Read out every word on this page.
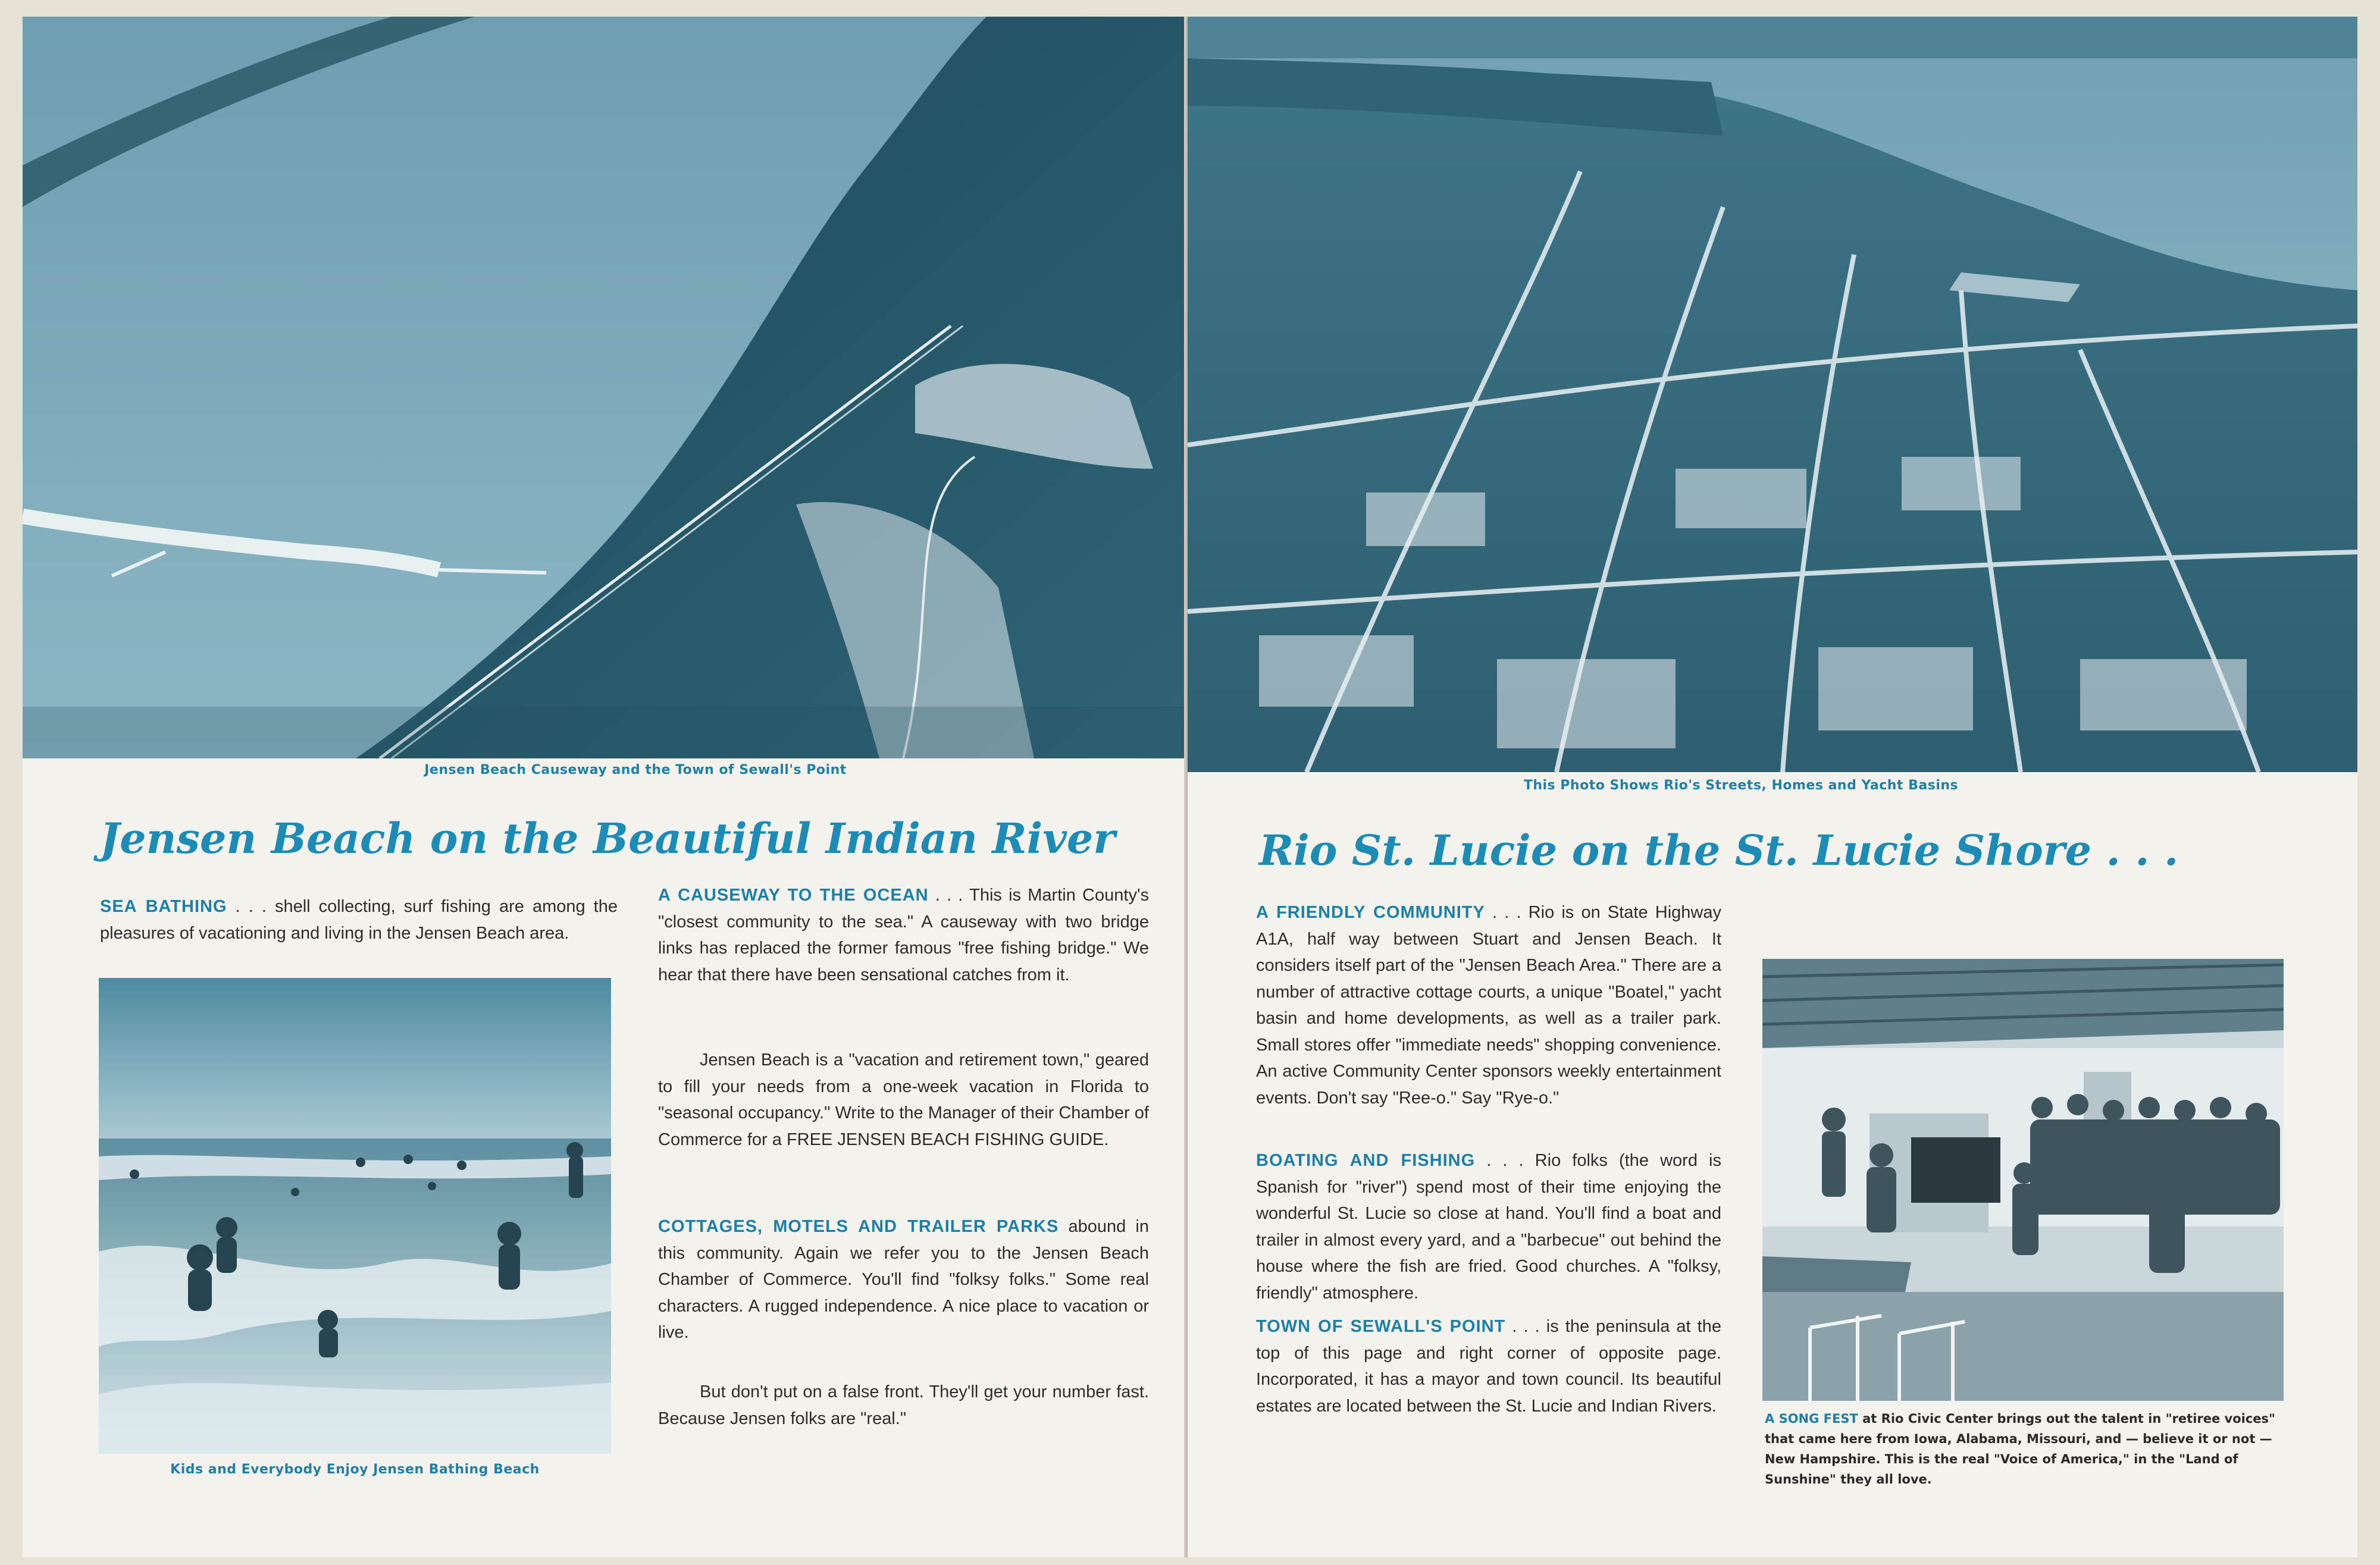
Jensen Beach Causeway and the Town of Sewall's Point
Jensen Beach on the Beautiful Indian River
SEA BATHING . . . shell collecting, surf fishing are among the pleasures of vacationing and living in the Jensen Beach area.
Kids and Everybody Enjoy Jensen Bathing Beach
A CAUSEWAY TO THE OCEAN . . . This is Martin County's "closest community to the sea." A causeway with two bridge links has replaced the former famous "free fishing bridge." We hear that there have been sensational catches from it.
Jensen Beach is a "vacation and retirement town," geared to fill your needs from a one-week vacation in Florida to "seasonal occupancy." Write to the Manager of their Chamber of Commerce for a FREE JENSEN BEACH FISHING GUIDE.
COTTAGES, MOTELS AND TRAILER PARKS abound in this community. Again we refer you to the Jensen Beach Chamber of Commerce. You'll find "folksy folks." Some real characters. A rugged independence. A nice place to vacation or live.
But don't put on a false front. They'll get your number fast. Because Jensen folks are "real."
This Photo Shows Rio's Streets, Homes and Yacht Basins
Rio St. Lucie on the St. Lucie Shore . . .
A FRIENDLY COMMUNITY . . . Rio is on State Highway A1A, half way between Stuart and Jensen Beach. It considers itself part of the "Jensen Beach Area." There are a number of attractive cottage courts, a unique "Boatel," yacht basin and home developments, as well as a trailer park. Small stores offer "immediate needs" shopping convenience. An active Community Center sponsors weekly entertainment events. Don't say "Ree-o." Say "Rye-o."
BOATING AND FISHING . . . Rio folks (the word is Spanish for "river") spend most of their time enjoying the wonderful St. Lucie so close at hand. You'll find a boat and trailer in almost every yard, and a "barbecue" out behind the house where the fish are fried. Good churches. A "folksy, friendly" atmosphere.
TOWN OF SEWALL'S POINT . . . is the peninsula at the top of this page and right corner of opposite page. Incorporated, it has a mayor and town council. Its beautiful estates are located between the St. Lucie and Indian Rivers.
A SONG FEST at Rio Civic Center brings out the talent in "retiree voices" that came here from Iowa, Alabama, Missouri, and — believe it or not — New Hampshire. This is the real "Voice of America," in the "Land of Sunshine" they all love.
